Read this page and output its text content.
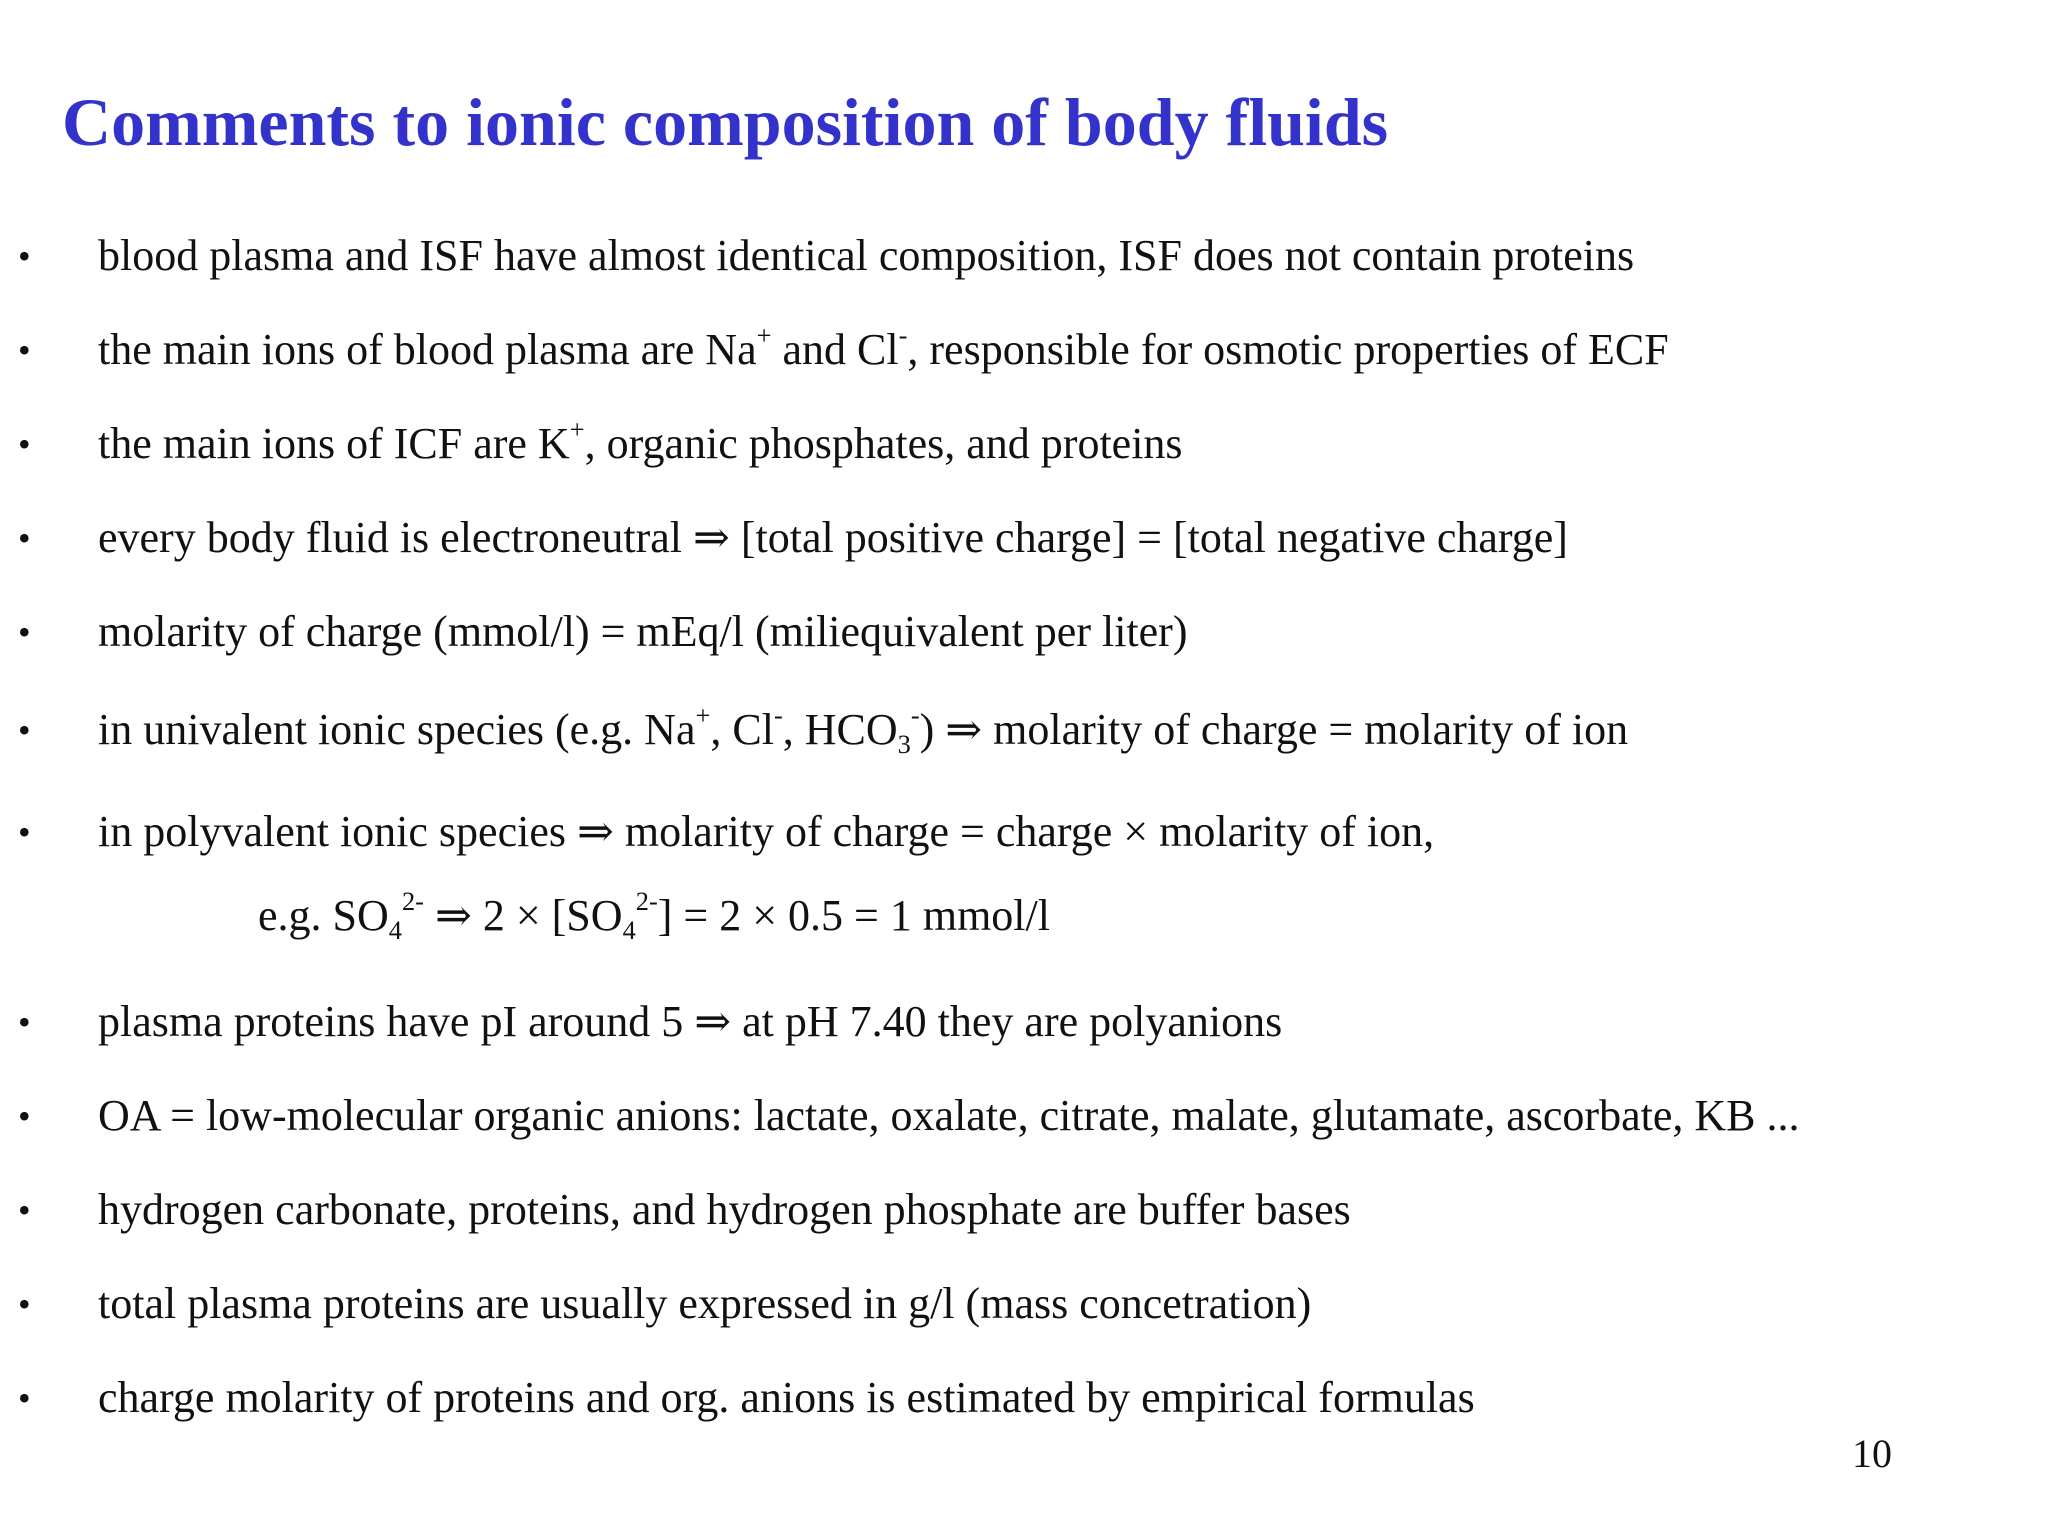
Comments to ionic composition of body fluids
•	blood plasma and ISF have almost identical composition, ISF does not contain proteins
•	the main ions of blood plasma are Na+ and Cl-, responsible for osmotic properties of ECF
•	the main ions of ICF are K+, organic phosphates, and proteins
•	every body fluid is electroneutral ⇒ [total positive charge] = [total negative charge]
•	molarity of charge (mmol/l) = mEq/l (miliequivalent per liter)
•	in univalent ionic species (e.g. Na+, Cl-, $HCO_3^-$) ⇒ molarity of charge = molarity of ion
•	in polyvalent ionic species ⇒ molarity of charge = charge × molarity of ion,
e.g. $SO_4^{2-}$ ⇒ $2 \times [SO_4^{2-}] = 2 \times 0.5 = 1$ mmol/l
•	plasma proteins have pI around 5 ⇒ at pH 7.40 they are polyanions
•	OA = low-molecular organic anions: lactate, oxalate, citrate, malate, glutamate, ascorbate, KB ...
•	hydrogen carbonate, proteins, and hydrogen phosphate are buffer bases
•	total plasma proteins are usually expressed in g/l (mass concetration)
•	charge molarity of proteins and org. anions is estimated by empirical formulas
10
